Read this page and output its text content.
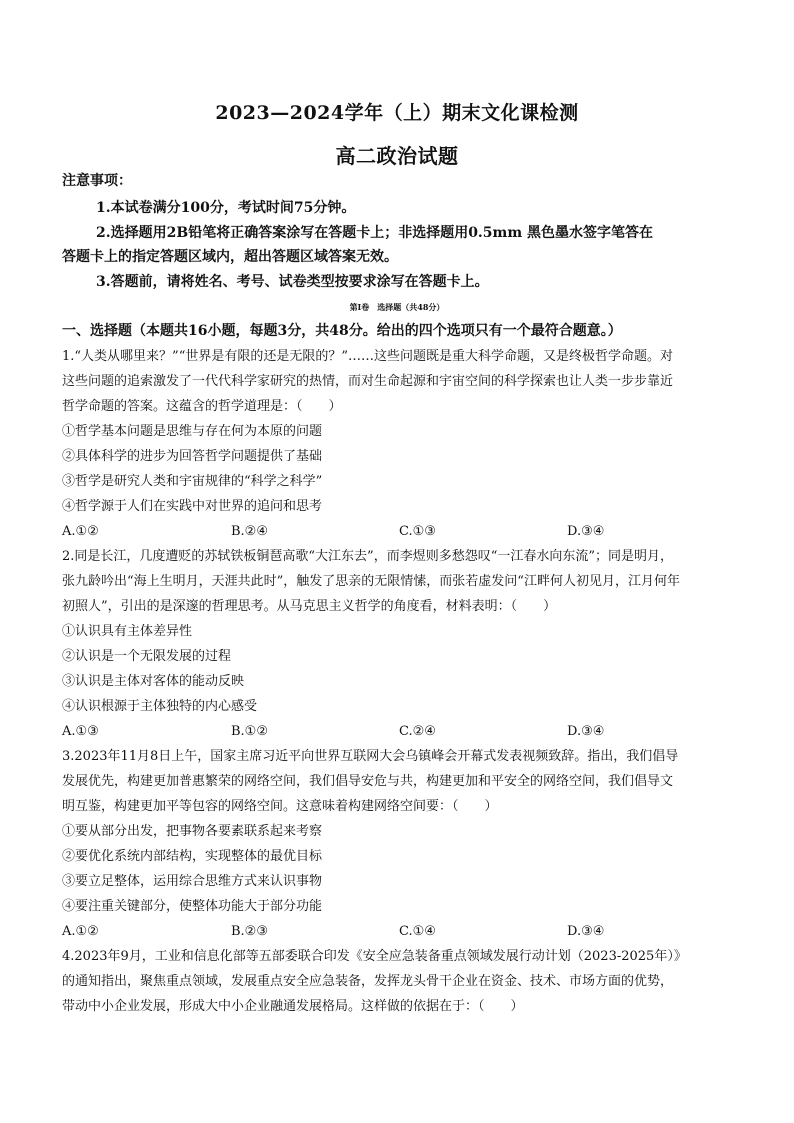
2023—2024学年（上）期末文化课检测
高二政治试题
注意事项：
1.本试卷满分100分，考试时间75分钟。
2.选择题用2B铅笔将正确答案涂写在答题卡上；非选择题用0.5mm 黑色墨水签字笔答在
答题卡上的指定答题区域内，超出答题区域答案无效。
3.答题前，请将姓名、考号、试卷类型按要求涂写在答题卡上。
第Ⅰ卷　选择题（共48分）
一、选择题（本题共16小题，每题3分，共48分。给出的四个选项只有一个最符合题意。）
1.“人类从哪里来？”“世界是有限的还是无限的？”……这些问题既是重大科学命题，又是终极哲学命题。对
这些问题的追索激发了一代代科学家研究的热情，而对生命起源和宇宙空间的科学探索也让人类一步步靠近
哲学命题的答案。这蕴含的哲学道理是：（　　）
①哲学基本问题是思维与存在何为本原的问题
②具体科学的进步为回答哲学问题提供了基础
③哲学是研究人类和宇宙规律的“科学之科学”
④哲学源于人们在实践中对世界的追问和思考
A.①②	B.②④	C.①③	D.③④
2.同是长江，几度遭贬的苏轼铁板铜琶高歌“大江东去”，而李煜则多愁怨叹“一江春水向东流”；同是明月，
张九龄吟出“海上生明月，天涯共此时”，触发了思亲的无限情愫，而张若虚发问“江畔何人初见月，江月何年
初照人”，引出的是深邃的哲理思考。从马克思主义哲学的角度看，材料表明：（　　）
①认识具有主体差异性
②认识是一个无限发展的过程
③认识是主体对客体的能动反映
④认识根源于主体独特的内心感受
A.①③	B.①②	C.②④	D.③④
3.2023年11月8日上午，国家主席习近平向世界互联网大会乌镇峰会开幕式发表视频致辞。指出，我们倡导
发展优先，构建更加普惠繁荣的网络空间，我们倡导安危与共，构建更加和平安全的网络空间，我们倡导文
明互鉴，构建更加平等包容的网络空间。这意味着构建网络空间要：（　　）
①要从部分出发，把事物各要素联系起来考察
②要优化系统内部结构，实现整体的最优目标
③要立足整体，运用综合思维方式来认识事物
④要注重关键部分，使整体功能大于部分功能
A.①②	B.②③	C.①④	D.③④
4.2023年9月，工业和信息化部等五部委联合印发《安全应急装备重点领域发展行动计划（2023-2025年）》
的通知指出，聚焦重点领域，发展重点安全应急装备，发挥龙头骨干企业在资金、技术、市场方面的优势，
带动中小企业发展，形成大中小企业融通发展格局。这样做的依据在于：（　　）
